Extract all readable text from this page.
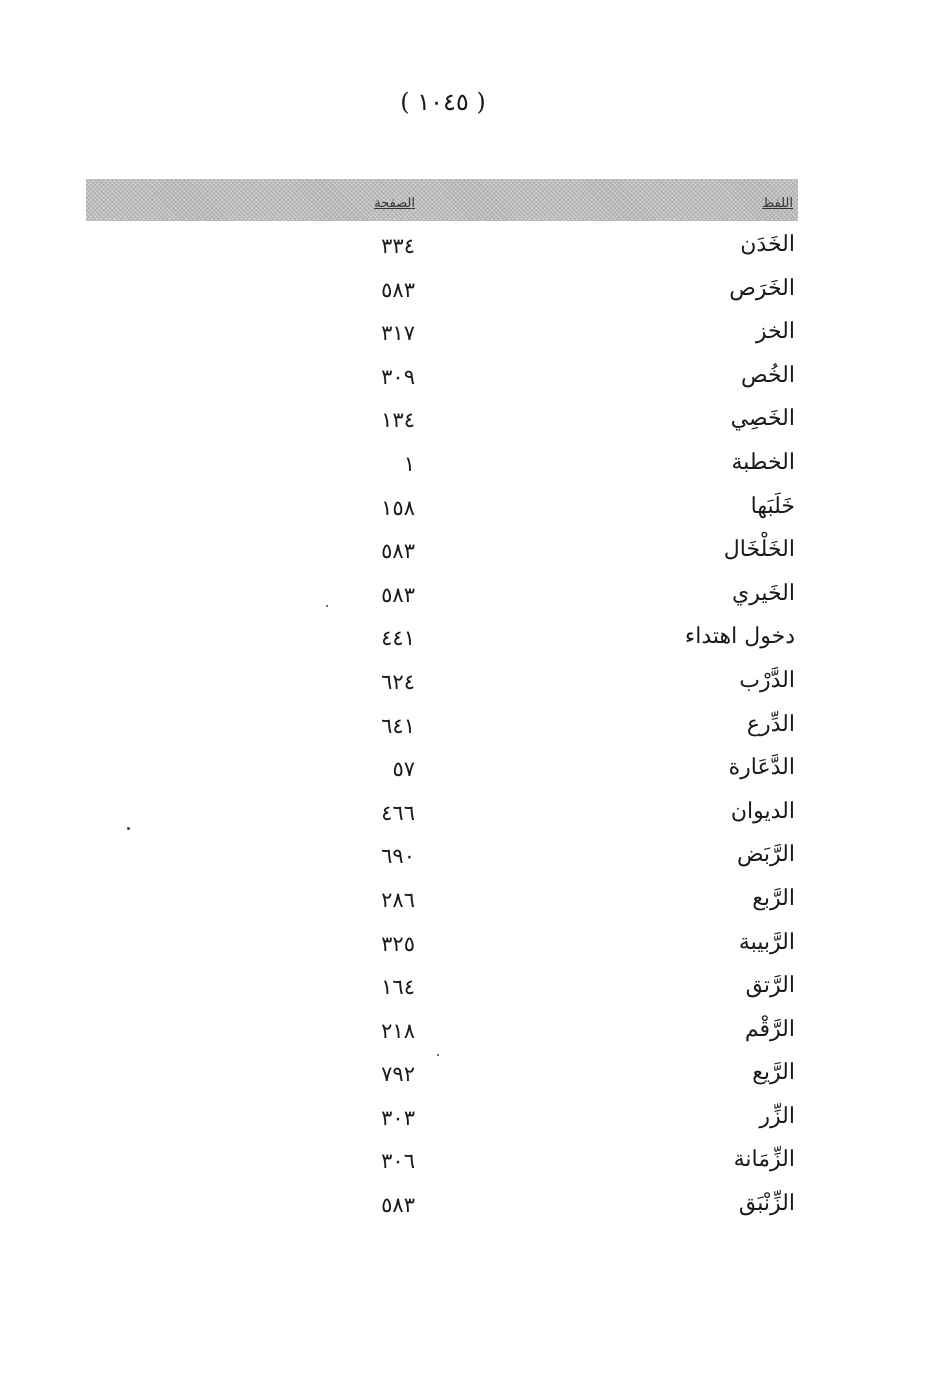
( ١٠٤٥ )
اللفظ
الصفحة
الخَدَن
٣٣٤
الخَرَص
٥٨٣
الخز
٣١٧
الخُص
٣٠٩
الخَصِي
١٣٤
الخطبة
١
خَلَبَها
١٥٨
الخَلْخَال
٥٨٣
الخَيري
٥٨٣
دخول اهتداء
٤٤١
الدَّرْب
٦٢٤
الدِّرع
٦٤١
الدَّعَارة
٥٧
الديوان
٤٦٦
الرَّبَض
٦٩٠
الرَّبع
٢٨٦
الرَّبيبة
٣٢٥
الرَّتق
١٦٤
الرَّقْم
٢١٨
الرَّيع
٧٩٢
الزِّر
٣٠٣
الزِّمَانة
٣٠٦
الزِّنْبَق
٥٨٣
